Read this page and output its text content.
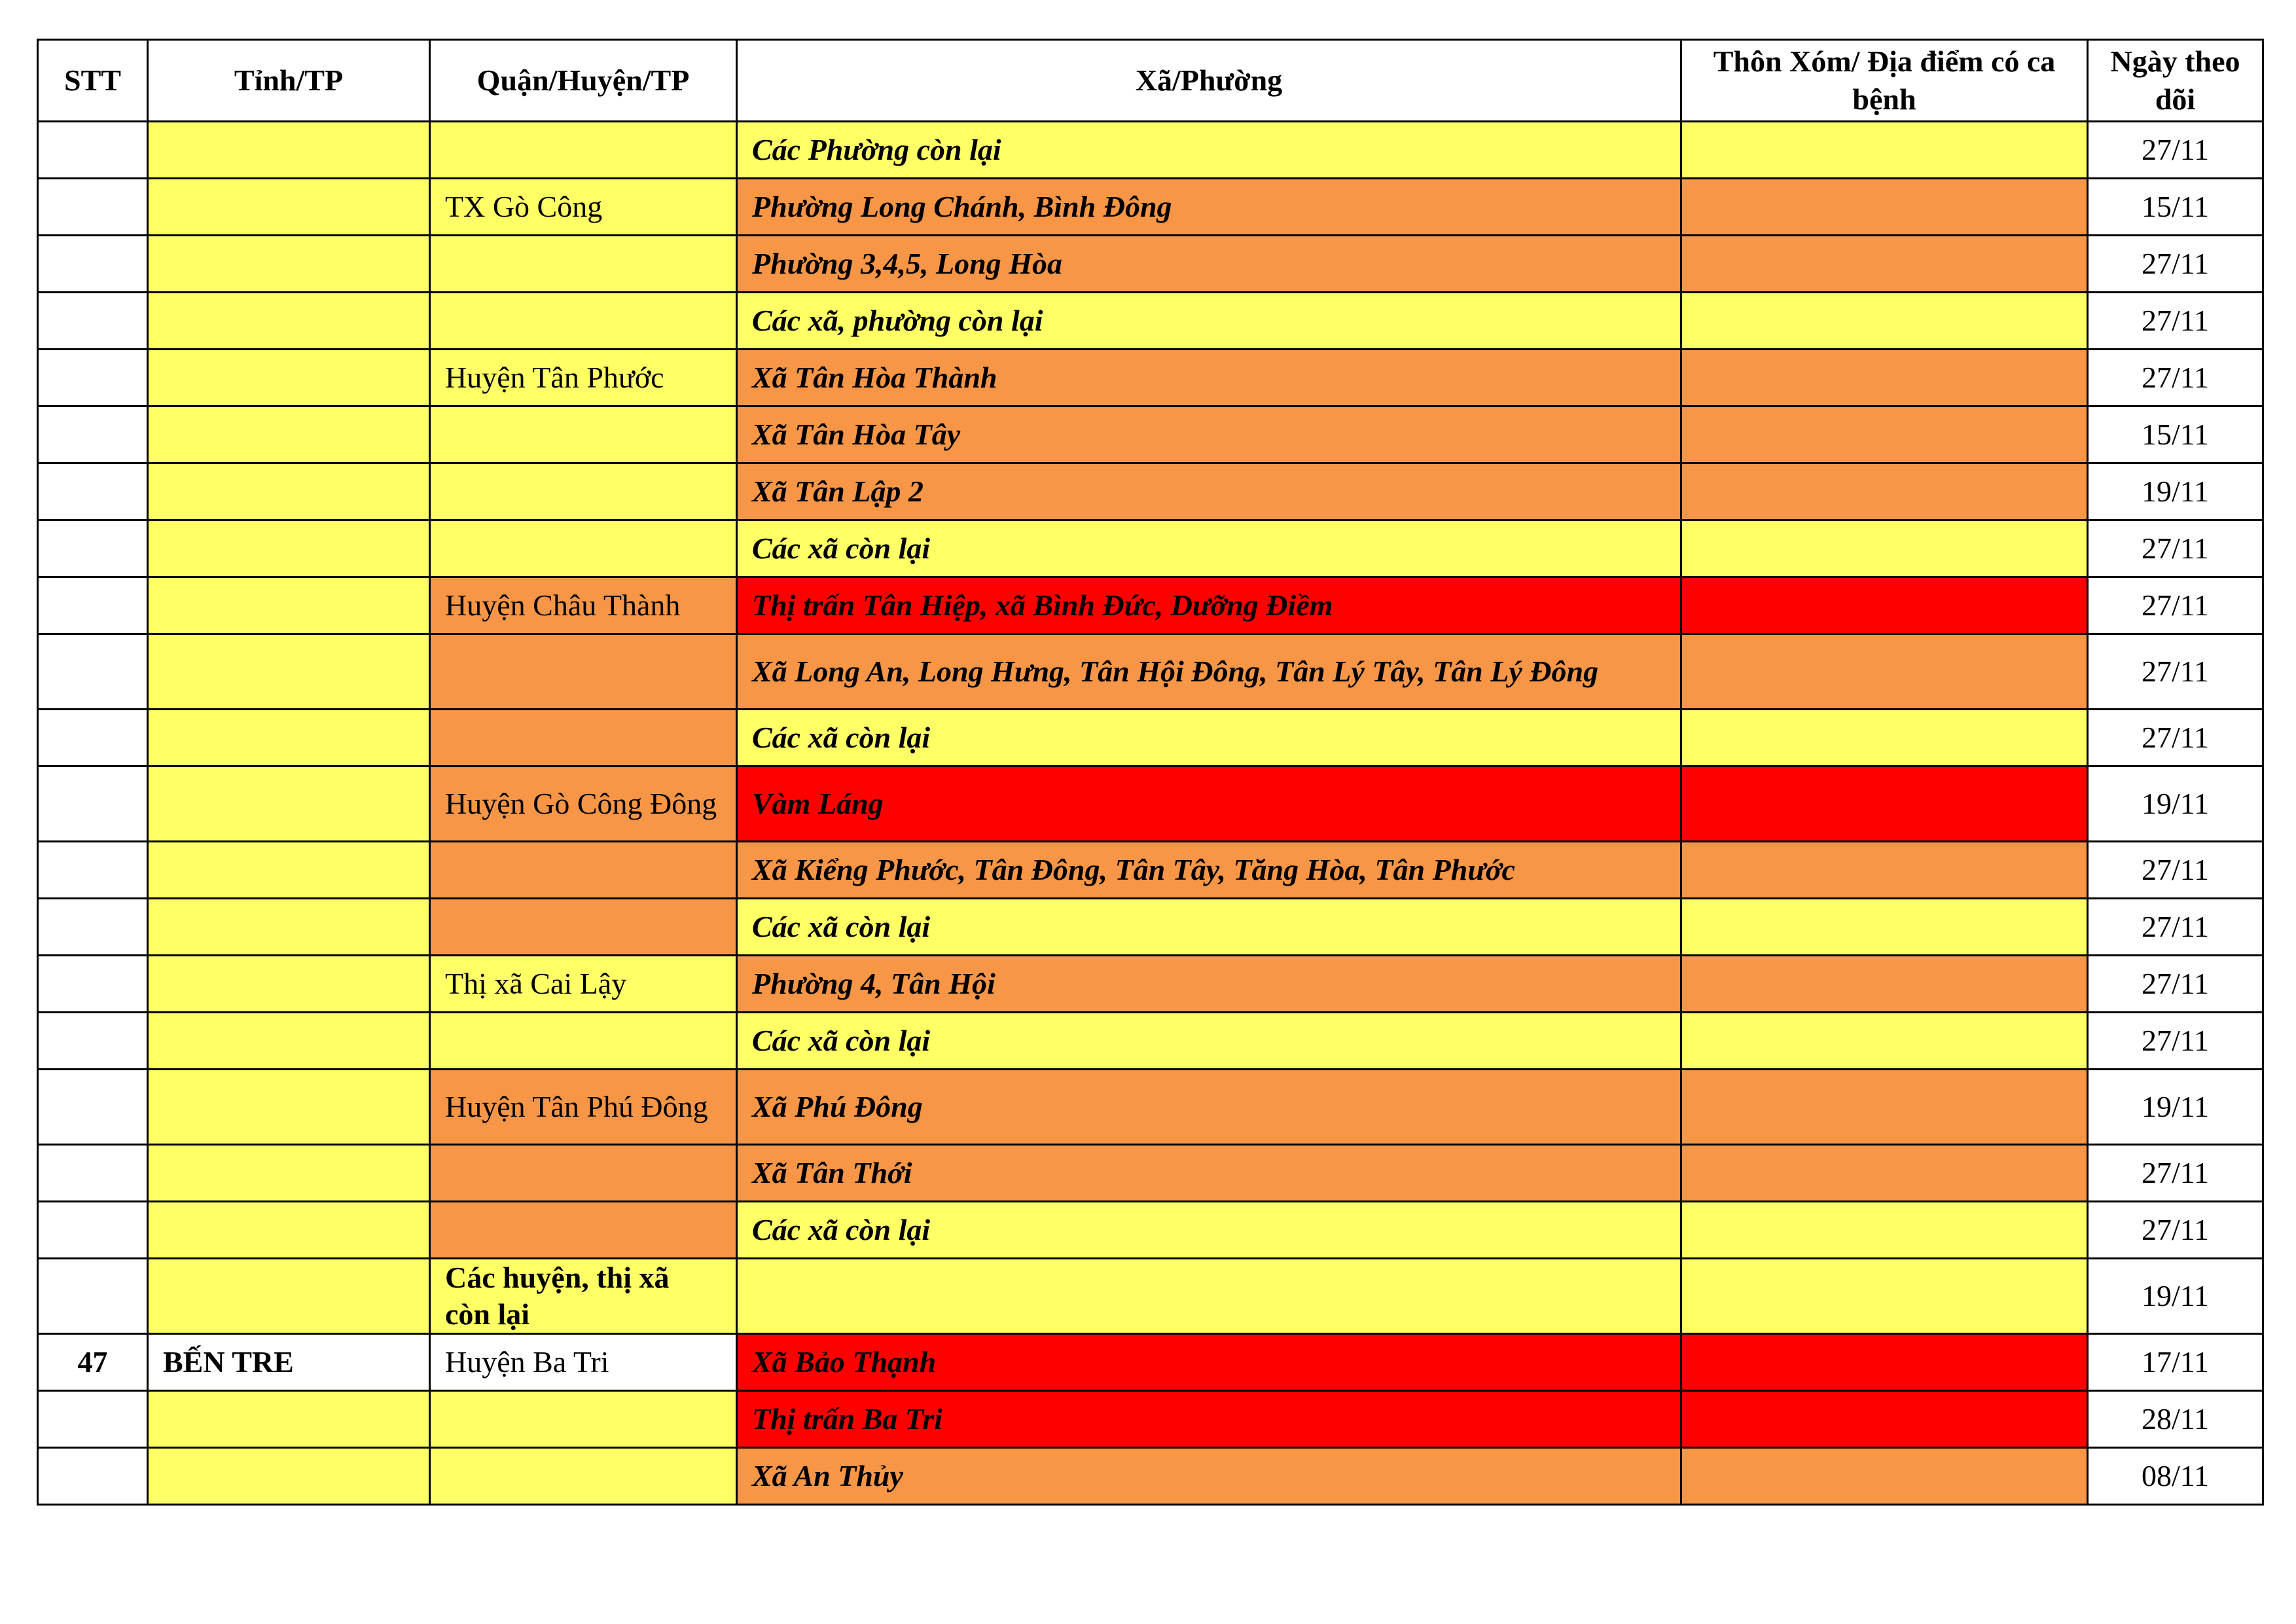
STT	Tỉnh/TP	Quận/Huyện/TP	Xã/Phường	Thôn Xóm/ Địa điểm có ca bệnh	Ngày theo dõi
			Các Phường còn lại		27/11
		TX Gò Công	Phường Long Chánh, Bình Đông		15/11
			Phường 3,4,5, Long Hòa		27/11
			Các xã, phường còn lại		27/11
		Huyện Tân Phước	Xã Tân Hòa Thành		27/11
			Xã Tân Hòa Tây		15/11
			Xã Tân Lập 2		19/11
			Các xã còn lại		27/11
		Huyện Châu Thành	Thị trấn Tân Hiệp, xã Bình Đức, Dưỡng Điềm		27/11
			Xã Long An, Long Hưng, Tân Hội Đông, Tân Lý Tây, Tân Lý Đông		27/11
			Các xã còn lại		27/11
		Huyện Gò Công Đông	Vàm Láng		19/11
			Xã Kiểng Phước, Tân Đông, Tân Tây, Tăng Hòa, Tân Phước		27/11
			Các xã còn lại		27/11
		Thị xã Cai Lậy	Phường 4, Tân Hội		27/11
			Các xã còn lại		27/11
		Huyện Tân Phú Đông	Xã Phú Đông		19/11
			Xã Tân Thới		27/11
			Các xã còn lại		27/11
		Các huyện, thị xã còn lại			19/11
47	BẾN TRE	Huyện Ba Tri	Xã Bảo Thạnh		17/11
			Thị trấn Ba Tri		28/11
			Xã An Thủy		08/11
